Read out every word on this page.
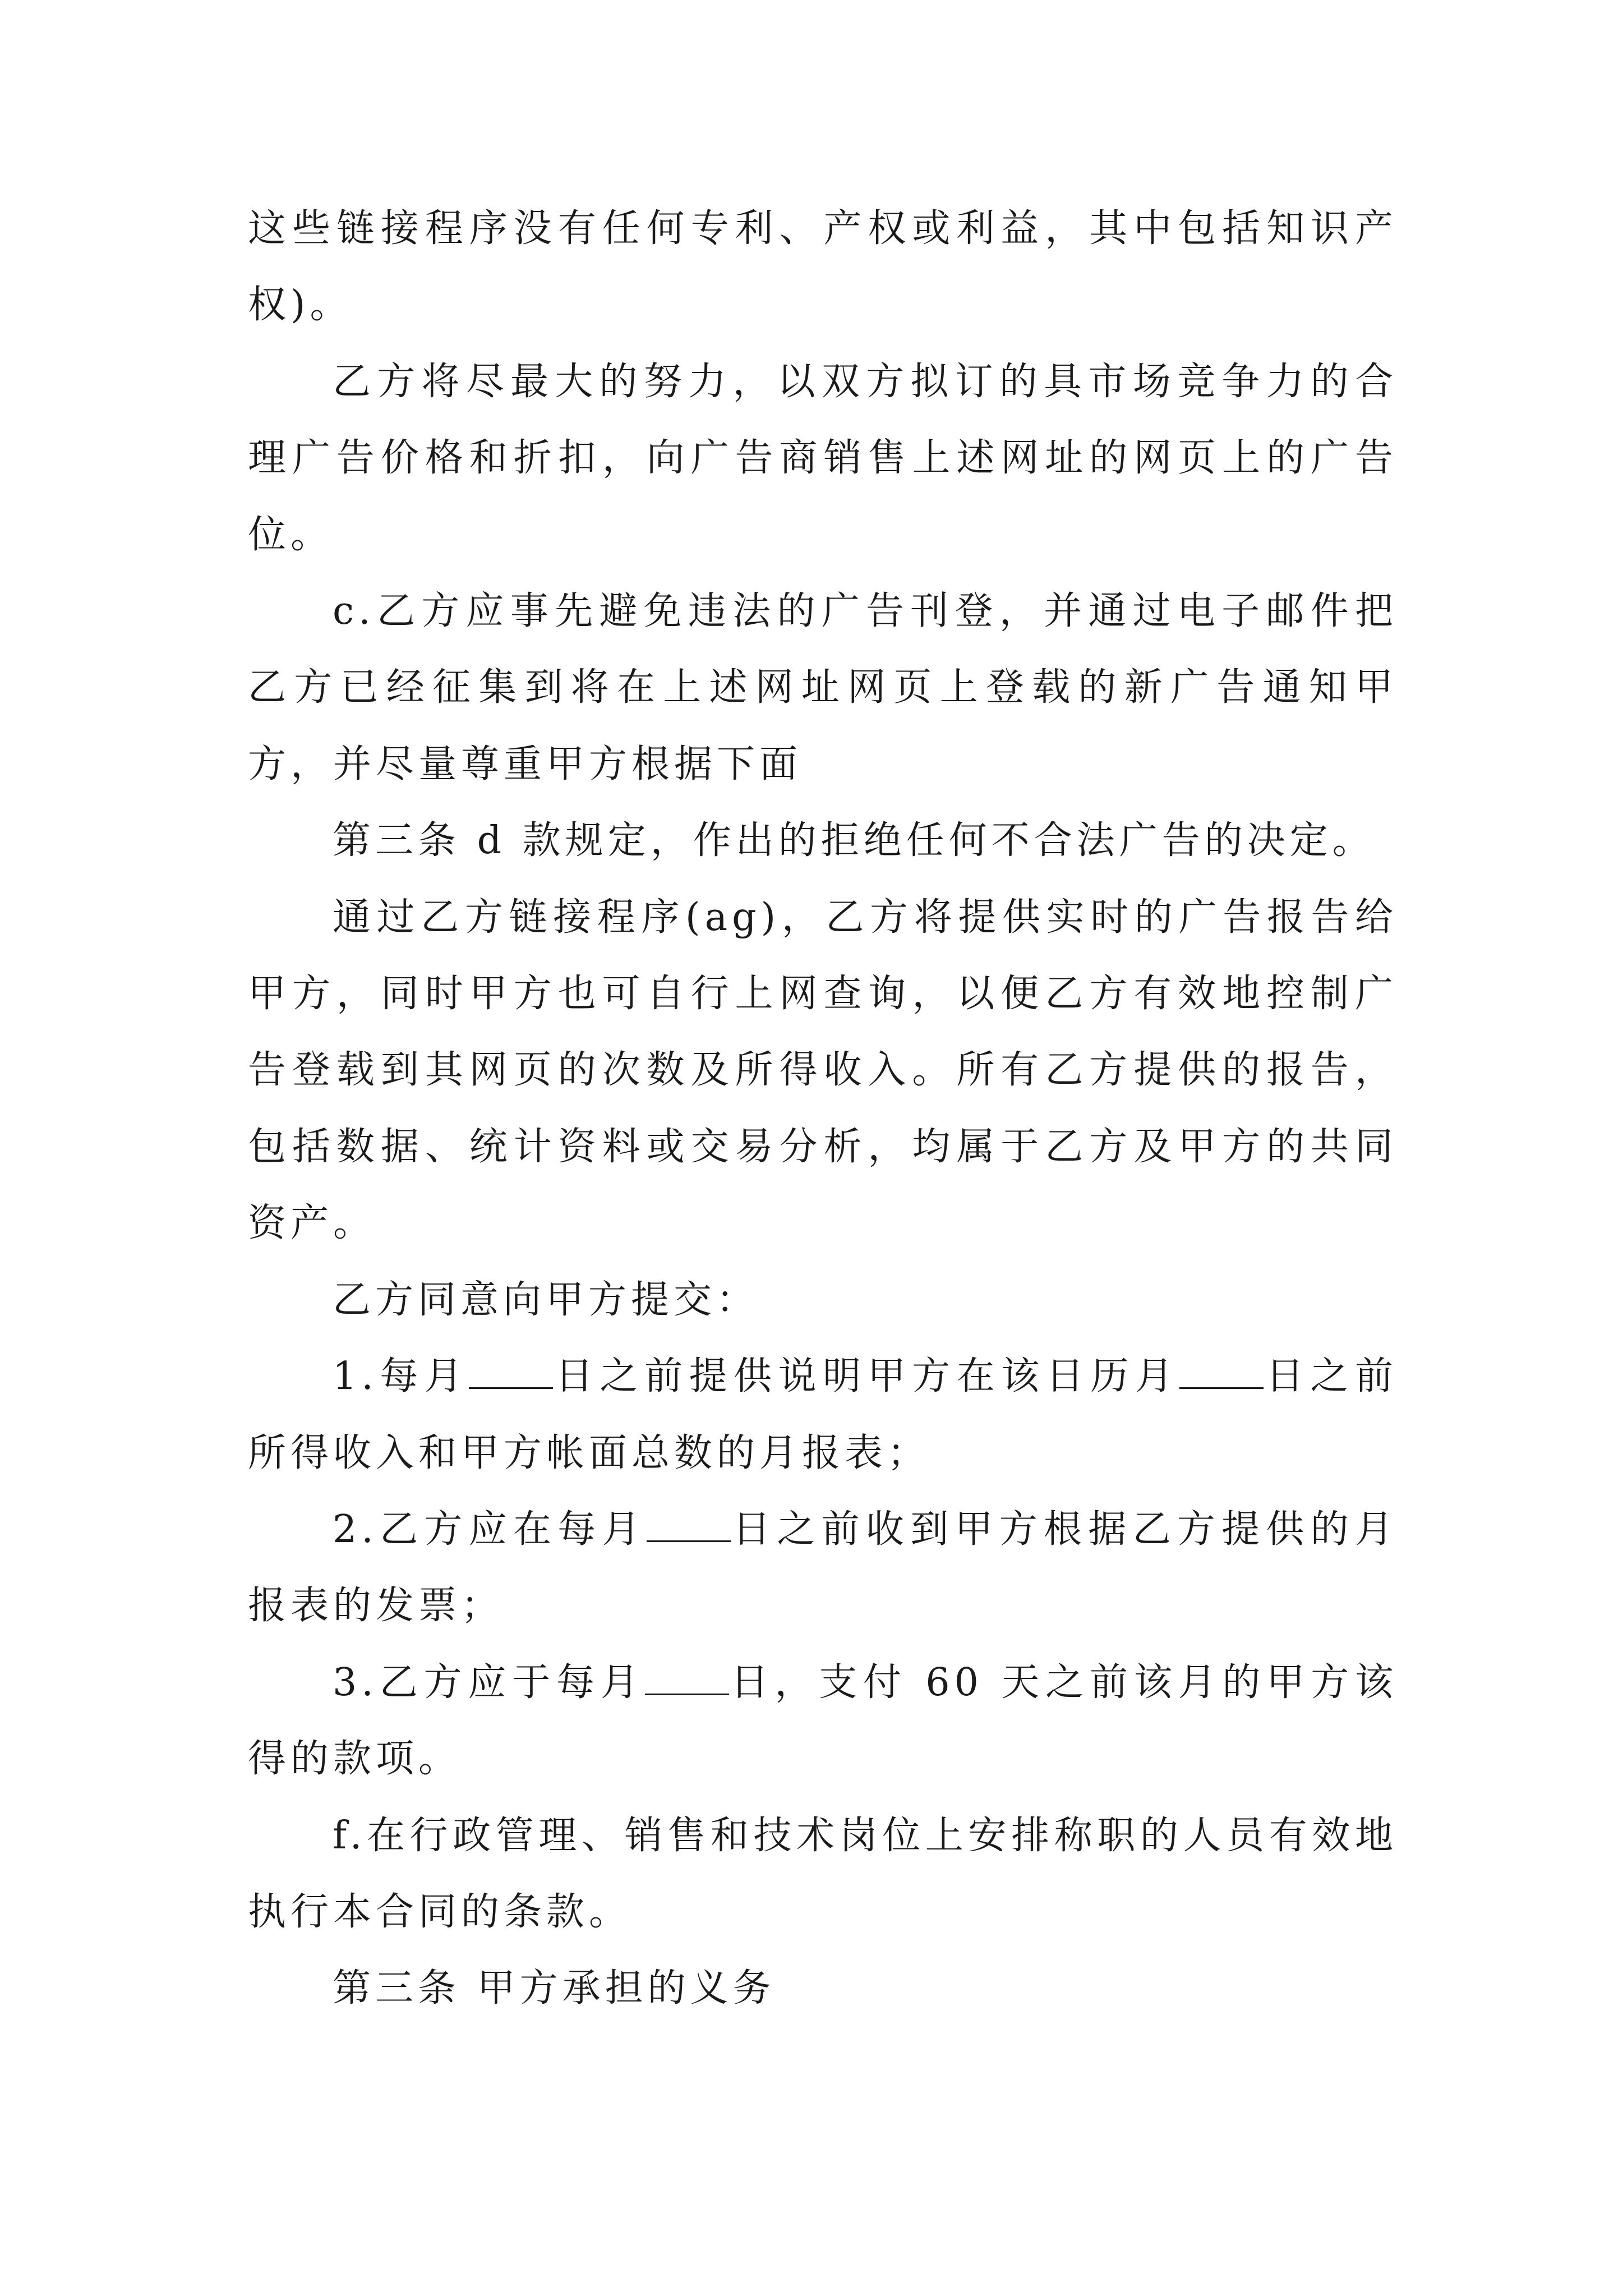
这些链接程序没有任何专利、产权或利益，其中包括知识产权)。

乙方将尽最大的努力，以双方拟订的具市场竞争力的合理广告价格和折扣，向广告商销售上述网址的网页上的广告位。

c.乙方应事先避免违法的广告刊登，并通过电子邮件把乙方已经征集到将在上述网址网页上登载的新广告通知甲方，并尽量尊重甲方根据下面

第三条 d 款规定，作出的拒绝任何不合法广告的决定。

通过乙方链接程序(ag)，乙方将提供实时的广告报告给甲方，同时甲方也可自行上网查询，以便乙方有效地控制广告登载到其网页的次数及所得收入。所有乙方提供的报告，包括数据、统计资料或交易分析，均属于乙方及甲方的共同资产。

乙方同意向甲方提交：

1.每月 日之前提供说明甲方在该日历月 日之前所得收入和甲方帐面总数的月报表；

2.乙方应在每月 日之前收到甲方根据乙方提供的月报表的发票；

3.乙方应于每月 日，支付 60 天之前该月的甲方该得的款项。

f.在行政管理、销售和技术岗位上安排称职的人员有效地执行本合同的条款。

第三条 甲方承担的义务
